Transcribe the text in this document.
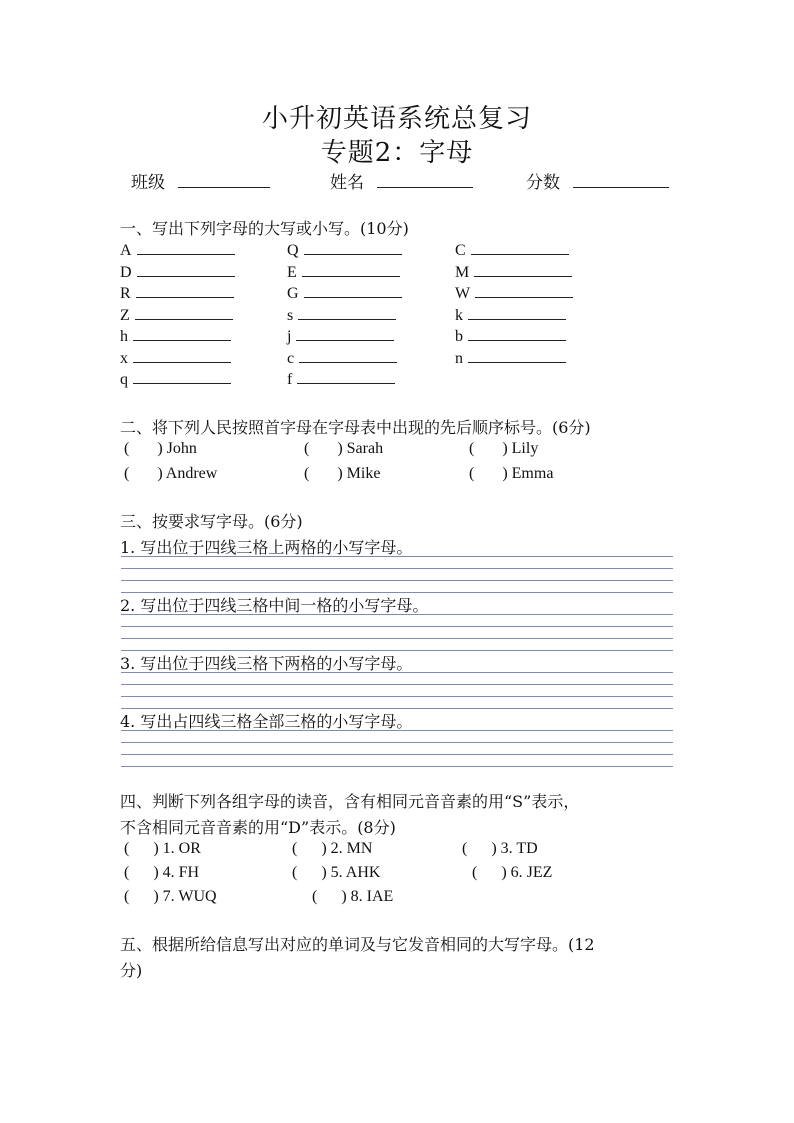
小升初英语系统总复习
专题2：字母
班级	姓名	分数
一、写出下列字母的大写或小写。(10分)
A	Q	C
D	E	M
R	G	W
Z	s	k
h	j	b
x	c	n
q	f
二、将下列人民按照首字母在字母表中出现的先后顺序标号。(6分)
(       ) John	(       ) Sarah	(       ) Lily
(       ) Andrew	(       ) Mike	(       ) Emma
三、按要求写字母。(6分)
1. 写出位于四线三格上两格的小写字母。
2. 写出位于四线三格中间一格的小写字母。
3. 写出位于四线三格下两格的小写字母。
4. 写出占四线三格全部三格的小写字母。
四、判断下列各组字母的读音，含有相同元音音素的用“S”表示，
不含相同元音音素的用“D”表示。(8分)
(      ) 1. OR	(      ) 2. MN	(      ) 3. TD
(      ) 4. FH	(      ) 5. AHK	(      ) 6. JEZ
(      ) 7. WUQ	(      ) 8. IAE
五、根据所给信息写出对应的单词及与它发音相同的大写字母。(12
分)
